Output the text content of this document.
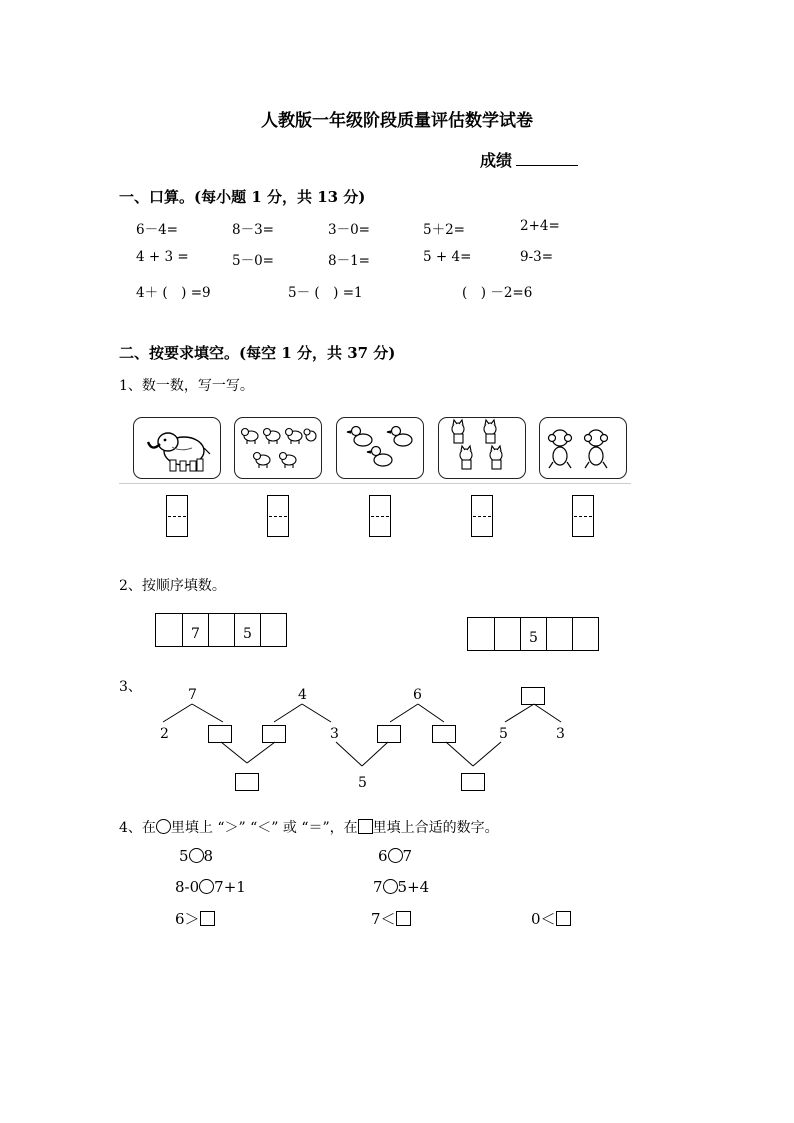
人教版一年级阶段质量评估数学试卷
成绩
一、口算。(每小题 1 分，共 13 分)
6－4=	8－3=	3－0=	5＋2=	2+4=
4 + 3 =	5－0=	8－1=	5 + 4=	9-3=
4＋ (　) =9	5－ (　) =1	(　) －2=6
二、按要求填空。(每空 1 分，共 37 分)
1、数一数，写一写。
2、按顺序填数。
7	5	5
3、	7
2
4
3
6
5	3
5
4、在 里填上 “＞” “＜” 或 “＝”，在 里填上合适的数字。
5 8	6 7
8-0 7+1	7 5+4
6＞	7＜	0＜
